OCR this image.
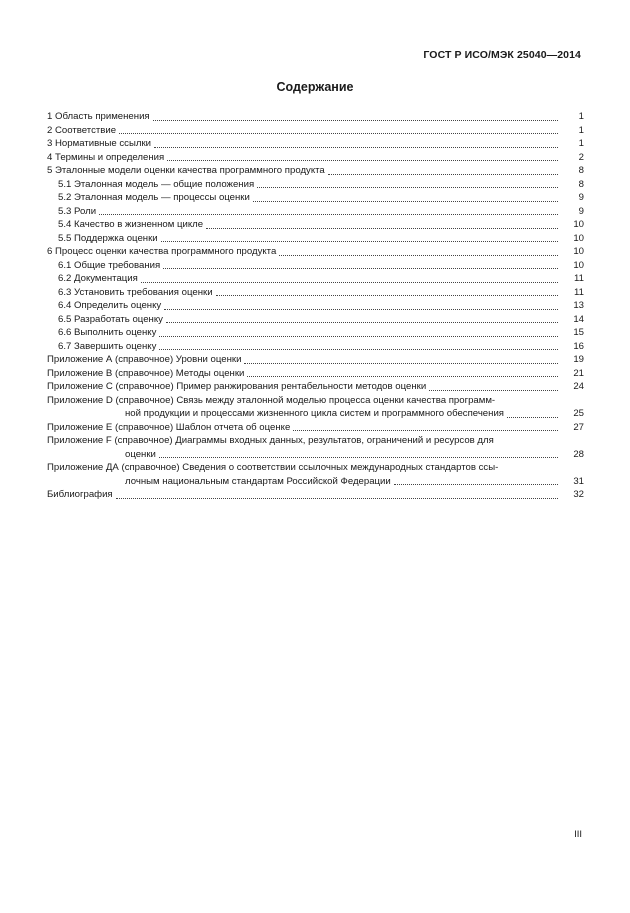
ГОСТ Р ИСО/МЭК 25040—2014
Содержание
1 Область применения	1
2 Соответствие	1
3 Нормативные ссылки	1
4 Термины и определения	2
5 Эталонные модели оценки качества программного продукта	8
5.1 Эталонная модель — общие положения	8
5.2 Эталонная модель — процессы оценки	9
5.3 Роли	9
5.4 Качество в жизненном цикле	10
5.5 Поддержка оценки	10
6 Процесс оценки качества программного продукта	10
6.1 Общие требования	10
6.2 Документация	11
6.3 Установить требования оценки	11
6.4 Определить оценку	13
6.5 Разработать оценку	14
6.6 Выполнить оценку	15
6.7 Завершить оценку	16
Приложение А (справочное) Уровни оценки	19
Приложение В (справочное) Методы оценки	21
Приложение С (справочное) Пример ранжирования рентабельности методов оценки	24
Приложение D (справочное) Связь между эталонной моделью процесса оценки качества программ-
ной продукции и процессами жизненного цикла систем и программного обеспечения	25
Приложение Е (справочное) Шаблон отчета об оценке	27
Приложение F (справочное) Диаграммы входных данных, результатов, ограничений и ресурсов для
оценки	28
Приложение ДА (справочное) Сведения о соответствии ссылочных международных стандартов ссы-
лочным национальным стандартам Российской Федерации	31
Библиография	32
III
